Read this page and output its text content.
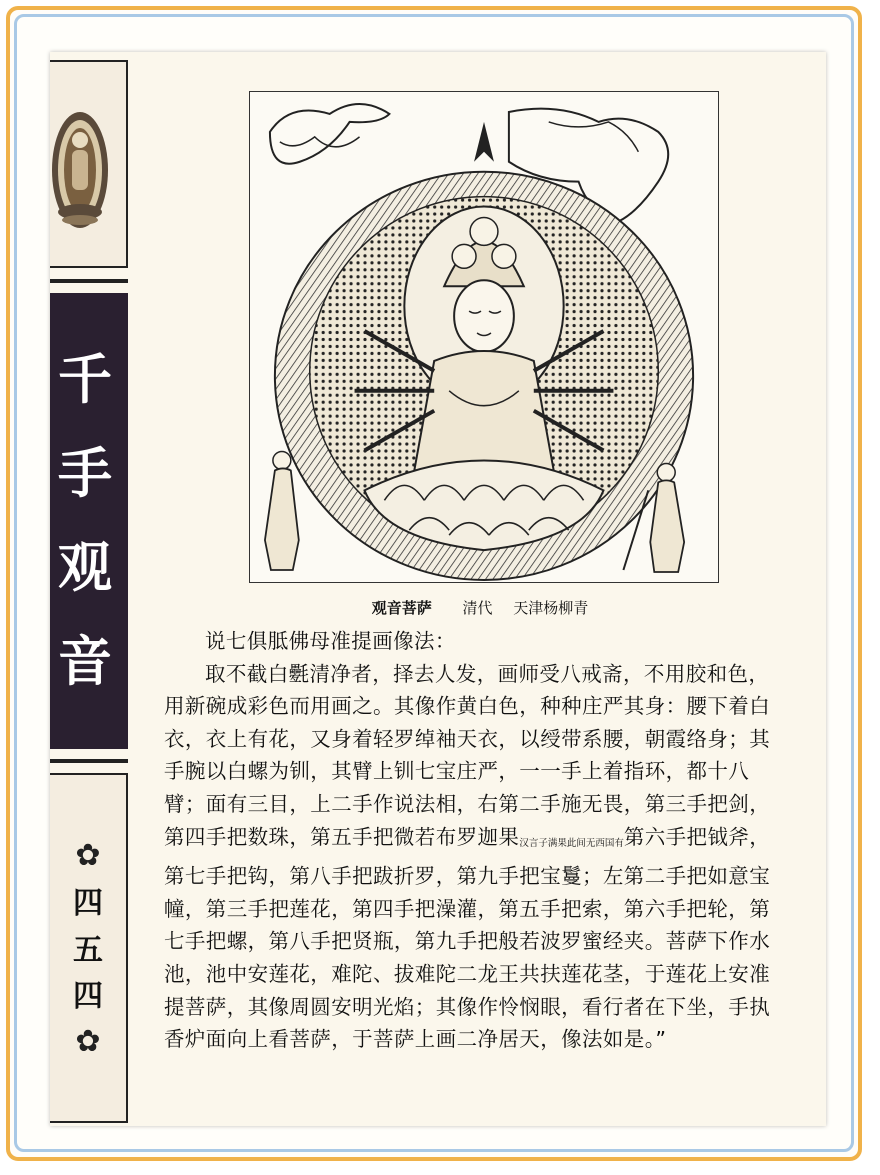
千
手
观
音
✿
四
五
四
✿
观音菩萨 清代 天津杨柳青

说七俱胝佛母准提画像法：

取不截白氎清净者，择去人发，画师受八戒斋，不用胶和色，用新碗成彩色而用画之。其像作黄白色，种种庄严其身：腰下着白衣，衣上有花，又身着轻罗绰袖天衣，以绶带系腰，朝霞络身；其手腕以白螺为钏，其臂上钏七宝庄严，一一手上着指环，都十八臂；面有三目，上二手作说法相，右第二手施无畏，第三手把剑，第四手把数珠，第五手把微若布罗迦果汉言子满果此间无西国有第六手把钺斧，第七手把钩，第八手把跋折罗，第九手把宝鬘；左第二手把如意宝幢，第三手把莲花，第四手把澡灌，第五手把索，第六手把轮，第七手把螺，第八手把贤瓶，第九手把般若波罗蜜经夹。菩萨下作水池，池中安莲花，难陀、拔难陀二龙王共扶莲花茎，于莲花上安准提菩萨，其像周圆安明光焰；其像作怜悯眼，看行者在下坐，手执香炉面向上看菩萨，于菩萨上画二净居天，像法如是。”
